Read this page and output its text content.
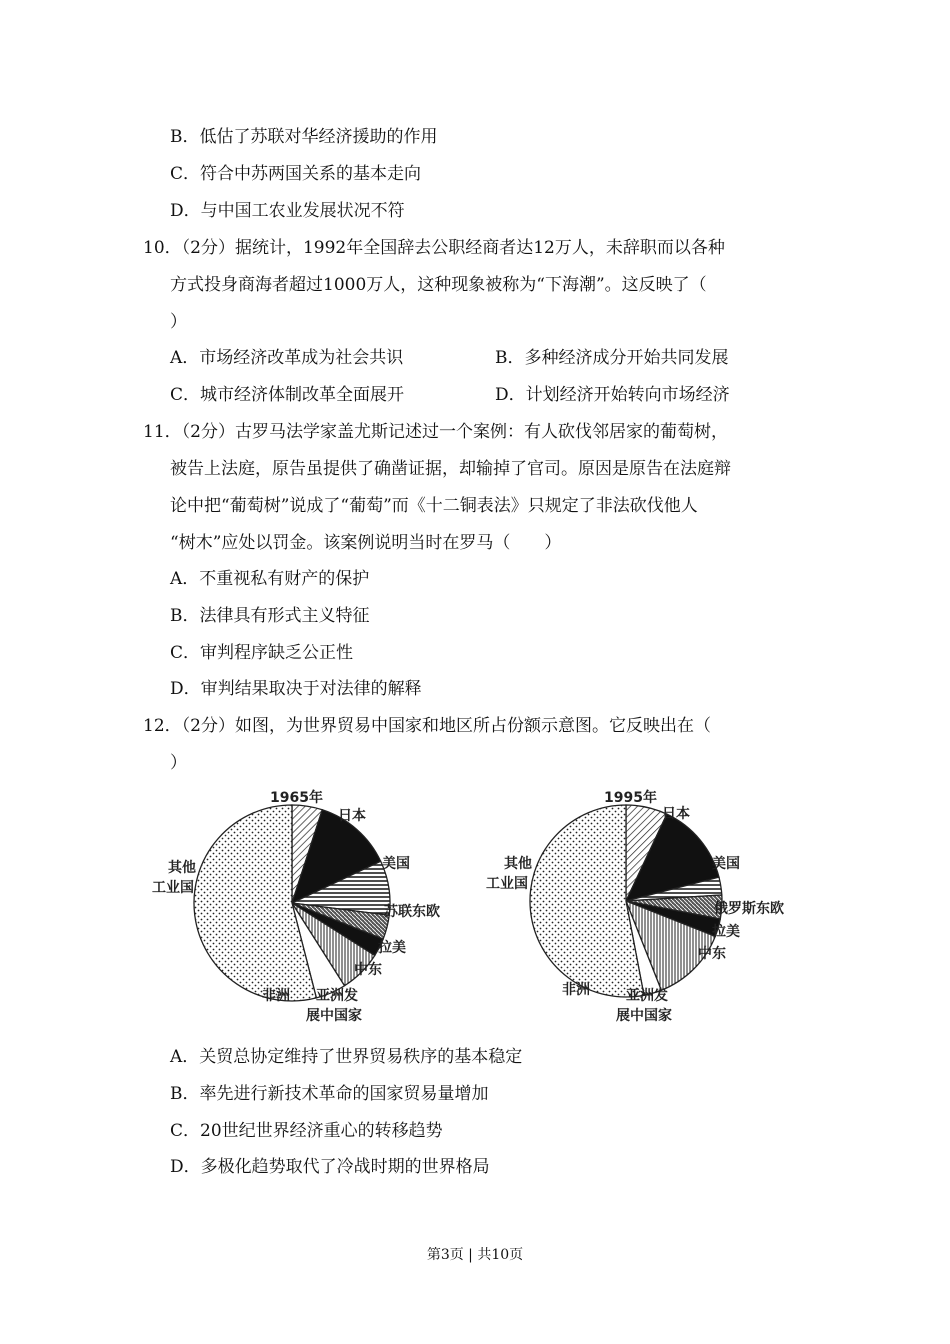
B．低估了苏联对华经济援助的作用
C．符合中苏两国关系的基本走向
D．与中国工农业发展状况不符
10．（2分）据统计，1992年全国辞去公职经商者达12万人，未辞职而以各种
方式投身商海者超过1000万人，这种现象被称为“下海潮”。这反映了（
）
A．市场经济改革成为社会共识	B．多种经济成分开始共同发展
C．城市经济体制改革全面展开	D．计划经济开始转向市场经济
11．（2分）古罗马法学家盖尤斯记述过一个案例：有人砍伐邻居家的葡萄树，
被告上法庭，原告虽提供了确凿证据，却输掉了官司。原因是原告在法庭辩
论中把“葡萄树”说成了“葡萄”而《十二铜表法》只规定了非法砍伐他人
“树木”应处以罚金。该案例说明当时在罗马（　　）
A．不重视私有财产的保护
B．法律具有形式主义特征
C．审判程序缺乏公正性
D．审判结果取决于对法律的解释
12．（2分）如图，为世界贸易中国家和地区所占份额示意图。它反映出在（
）
1965年
日本
美国
苏联东欧
拉美
中东
亚洲发
展中国家
非洲
其他
工业国
1995年
日本
美国
俄罗斯东欧
拉美
中东
亚洲发
展中国家
非洲
其他
工业国
A．关贸总协定维持了世界贸易秩序的基本稳定
B．率先进行新技术革命的国家贸易量增加
C．20世纪世界经济重心的转移趋势
D．多极化趋势取代了冷战时期的世界格局
第3页 | 共10页
